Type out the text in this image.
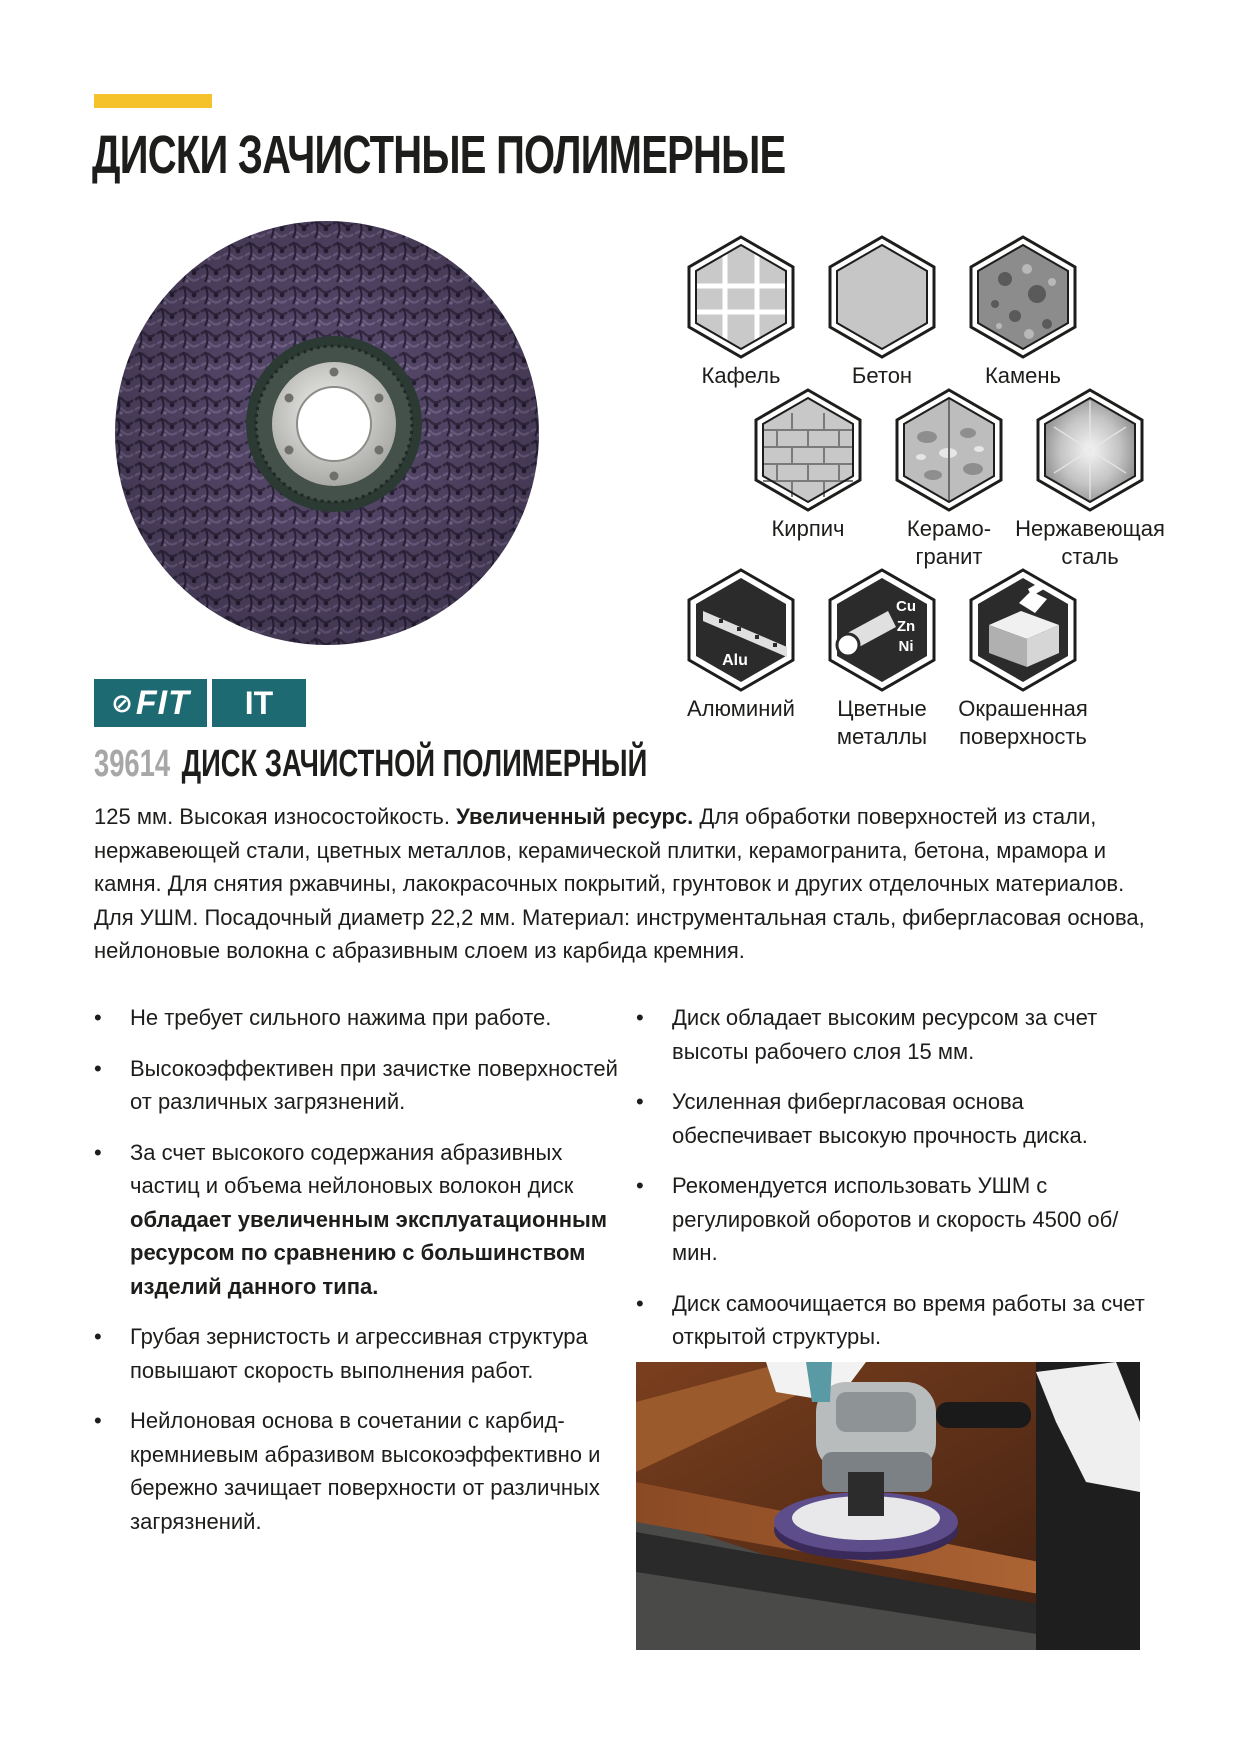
ДИСКИ ЗАЧИСТНЫЕ ПОЛИМЕРНЫЕ
Кафель	Бетон	Камень
Кирпич	Керамо-
гранит
Нержавеющая
сталь
Alu
Алюминий
Cu
Zn
Ni
Цветные
металлы
Окрашенная
поверхность
⊘ FIT	IT
39614 ДИСК ЗАЧИСТНОЙ ПОЛИМЕРНЫЙ

125 мм. Высокая износостойкость. Увеличенный ресурс. Для обработки поверхностей из стали, нержавеющей стали, цветных металлов, керамической плитки, керамогранита, бетона, мрамора и камня. Для снятия ржавчины, лакокрасочных покрытий, грунтовок и других отделочных материалов. Для УШМ. Посадочный диаметр 22,2 мм. Материал: инструментальная сталь, фибергласовая основа, нейлоновые волокна с абразивным слоем из карбида кремния.

• Не требует сильного нажима при работе.
• Высокоэффективен при зачистке поверхностей от различных загрязнений.
• За счет высокого содержания абразивных частиц и объема нейлоновых волокон диск обладает увеличенным эксплуатационным ресурсом по сравнению с большинством изделий данного типа.
• Грубая зернистость и агрессивная структура повышают скорость выполнения работ.
• Нейлоновая основа в сочетании с карбид-кремниевым абразивом высокоэффективно и бережно зачищает поверхности от различных загрязнений.
• Диск обладает высоким ресурсом за счет высоты рабочего слоя 15 мм.
• Усиленная фибергласовая основа обеспечивает высокую прочность диска.
• Рекомендуется использовать УШМ с регулировкой оборотов и скорость 4500 об/мин.
• Диск самоочищается во время работы за счет открытой структуры.
